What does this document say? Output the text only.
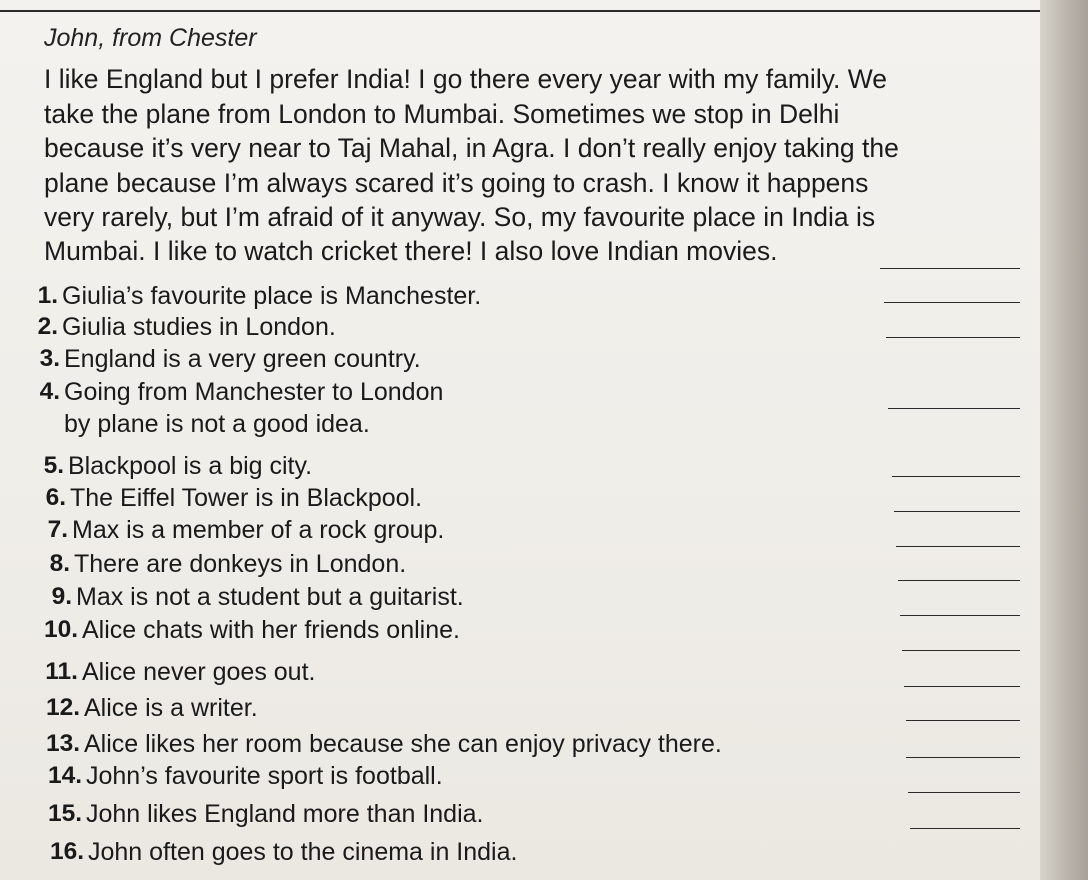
John, from Chester
I like England but I prefer India! I go there every year with my family. We
take the plane from London to Mumbai. Sometimes we stop in Delhi
because it’s very near to Taj Mahal, in Agra. I don’t really enjoy taking the
plane because I’m always scared it’s going to crash. I know it happens
very rarely, but I’m afraid of it anyway. So, my favourite place in India is
Mumbai. I like to watch cricket there! I also love Indian movies.
1. Giulia’s favourite place is Manchester.
2. Giulia studies in London.
3. England is a very green country.
4. Going from Manchester to London
by plane is not a good idea.
5. Blackpool is a big city.
6. The Eiffel Tower is in Blackpool.
7. Max is a member of a rock group.
8. There are donkeys in London.
9. Max is not a student but a guitarist.
10. Alice chats with her friends online.
11. Alice never goes out.
12. Alice is a writer.
13. Alice likes her room because she can enjoy privacy there.
14. John’s favourite sport is football.
15. John likes England more than India.
16. John often goes to the cinema in India.
